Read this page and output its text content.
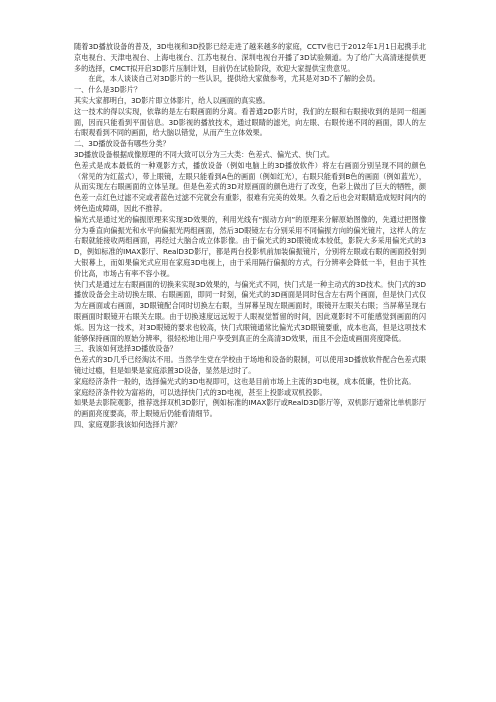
随着3D播放设备的普及，3D电视和3D投影已经走进了越来越多的家庭，CCTV也已于2012年1月1日起携手北京电视台、天津电视台、上海电视台、江苏电视台、深圳电视台开播了3D试验频道。为了给广大高清迷提供更多的选择，CMCT拟开启3D影片压制计划，目前仍在试验阶段，欢迎大家提供宝贵意见。

在此，本人谈谈自己对3D影片的一些认识，提供给大家做参考，尤其是对3D不了解的会员。

一、什么是3D影片？

其实大家都明白，3D影片即立体影片，给人以画面的真实感。

这一技术的得以实现，依靠的是左右眼画面的分离。看普通2D影片时，我们的左眼和右眼接收到的是同一组画面，因而只能看到平面信息。3D影视的播放技术，通过眼睛的滤光，向左眼、右眼传递不同的画面，即人的左右眼观看到不同的画面，给大脑以错觉，从而产生立体效果。

二、3D播放设备有哪些分类？

3D播放设备根据成像原理的不同大致可以分为三大类：色差式、偏光式、快门式。

色差式是成本最低的一种观影方式，播放设备（例如电脑上的3D播放软件）将左右画面分别呈现不同的颜色（常见的为红蓝式），带上眼镜，左眼只能看到A色的画面（例如红光），右眼只能看到B色的画面（例如蓝光），从而实现左右眼画面的立体呈现。但是色差式的3D对原画面的颜色进行了改变，色彩上做出了巨大的牺牲，颜色差一点红色过滤不完或者蓝色过滤不完就会有重影，很难有完美的效果。久看之后也会对眼睛造成短时间内的烤色造成障碍，因此不推荐。

偏光式是通过光的偏振原理来实现3D效果的，利用光线有“振动方向”的原理来分解原始图像的，先通过把图像分为垂直向偏振光和水平向偏振光两组画面，然后3D眼镜左右分别采用不同偏振方向的偏光镜片，这样人的左右眼就能接收两组画面，再经过大脑合成立体影像。由于偏光式的3D眼镜成本较低，影院大多采用偏光式的3D，例如标准的IMAX影厅、RealD3D影厅，都是两台投影机前加装偏振镜片，分别将左眼或右眼的画面投射到大银幕上，而如果偏光式应用在家庭3D电视上，由于采用隔行偏振的方式，行分辨率会降低一半，但由于其性价比高，市场占有率不容小视。

快门式是通过左右眼画面的切换来实现3D效果的，与偏光式不同，快门式是一种主动式的3D技术。快门式的3D播放设备会主动切换左眼、右眼画面，即同一时刻，偏光式的3D画面是同时包含左右两个画面，但是快门式仅为左画面或右画面，3D眼镜配合同时切换左右眼，当屏幕呈现左眼画面时，眼镜开左眼关右眼；当屏幕呈现右眼画面时眼镜开右眼关左眼。由于切换速度远远短于人眼视觉暂留的时间，因此观影时不可能感觉到画面的闪烁。因为这一技术，对3D眼镜的要求也较高，快门式眼镜通常比偏光式3D眼镜要重，成本也高，但是这项技术能够保持画面的原始分辨率，很轻松地让用户享受到真正的全高清3D效果，而且不会造成画面亮度降低。

三、我该如何选择3D播放设备？

色差式的3D几乎已经淘汰不用。当然学生党在学校由于场地和设备的限制，可以使用3D播放软件配合色差式眼镜过过瘾，但是如果是家庭添置3D设备，显然是过时了。

家庭经济条件一般的，选择偏光式的3D电视即可，这也是目前市场上主流的3D电视，成本低廉，性价比高。

家庭经济条件较为富裕的，可以选择快门式的3D电视，甚至上投影或双机投影。

如果是去影院观影，推荐选择双机3D影厅，例如标准的IMAX影厅或RealD3D影厅等，双机影厅通常比单机影厅的画面亮度要高，带上眼镜后仍能看清细节。

四、家庭观影我该如何选择片源？
